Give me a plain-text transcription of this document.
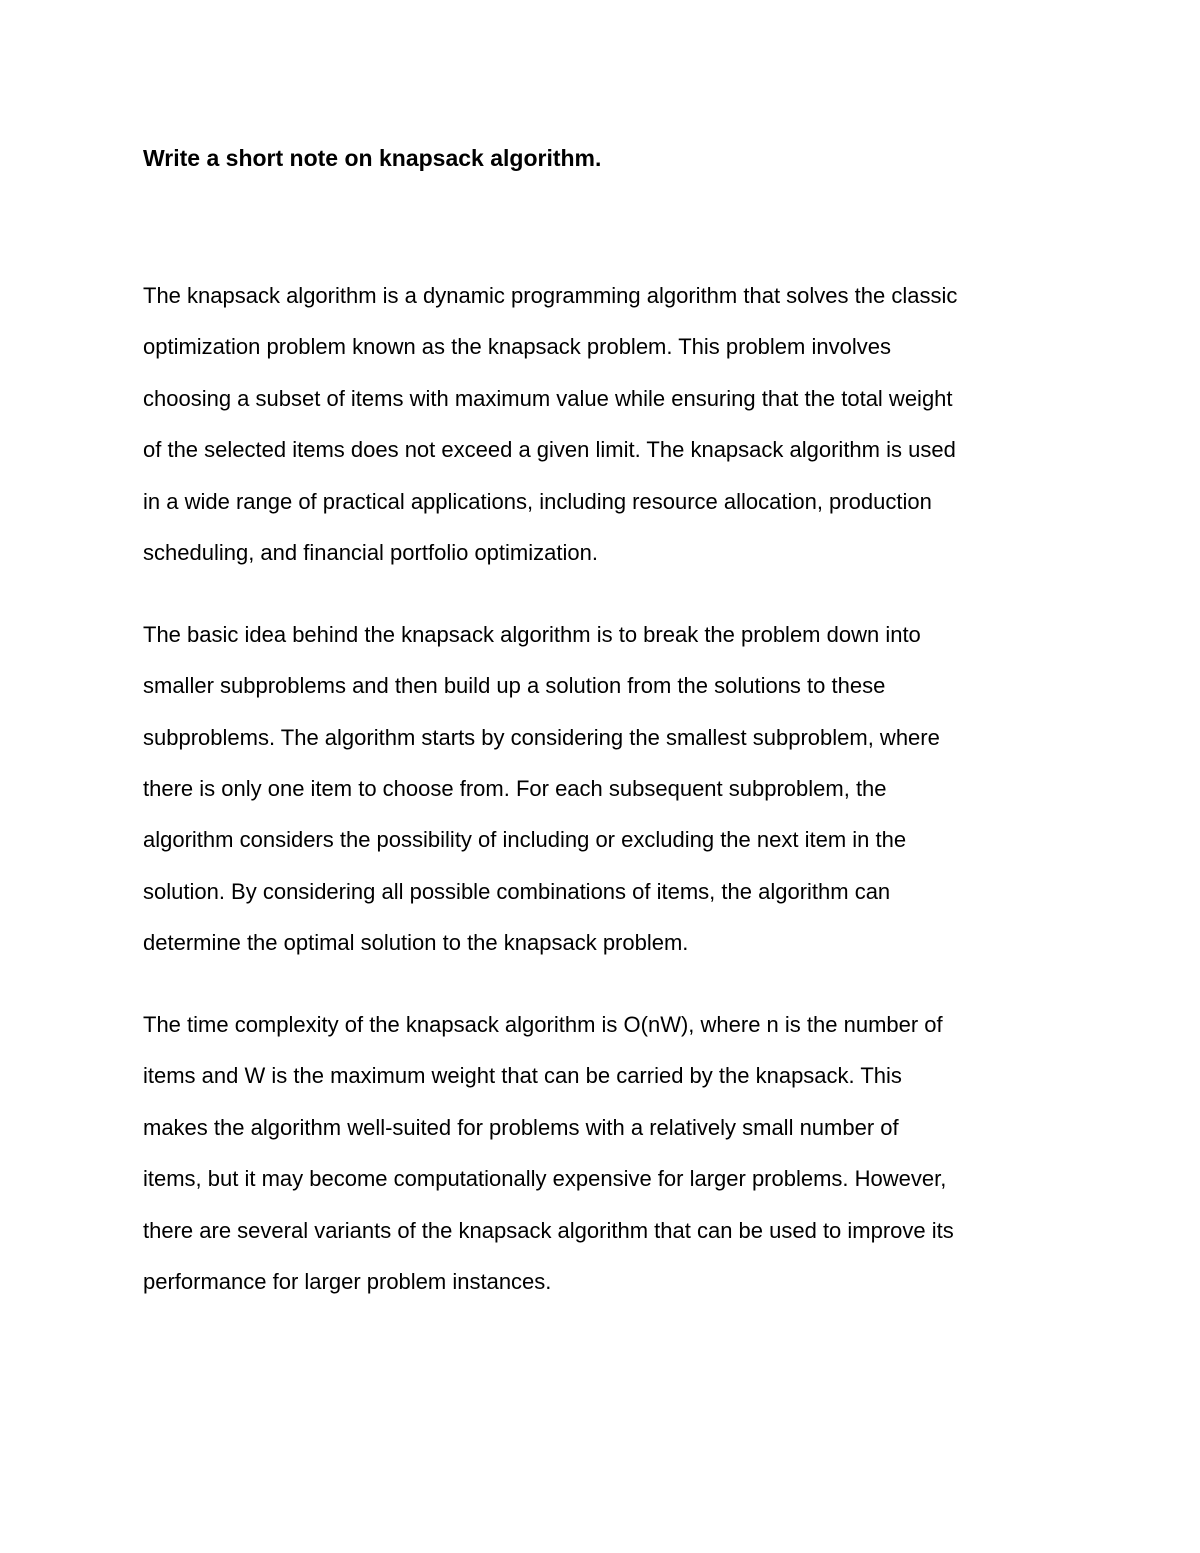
Write a short note on knapsack algorithm.

The knapsack algorithm is a dynamic programming algorithm that solves the classic

optimization problem known as the knapsack problem. This problem involves

choosing a subset of items with maximum value while ensuring that the total weight

of the selected items does not exceed a given limit. The knapsack algorithm is used

in a wide range of practical applications, including resource allocation, production

scheduling, and financial portfolio optimization.

The basic idea behind the knapsack algorithm is to break the problem down into

smaller subproblems and then build up a solution from the solutions to these

subproblems. The algorithm starts by considering the smallest subproblem, where

there is only one item to choose from. For each subsequent subproblem, the

algorithm considers the possibility of including or excluding the next item in the

solution. By considering all possible combinations of items, the algorithm can

determine the optimal solution to the knapsack problem.

The time complexity of the knapsack algorithm is O(nW), where n is the number of

items and W is the maximum weight that can be carried by the knapsack. This

makes the algorithm well-suited for problems with a relatively small number of

items, but it may become computationally expensive for larger problems. However,

there are several variants of the knapsack algorithm that can be used to improve its

performance for larger problem instances.
